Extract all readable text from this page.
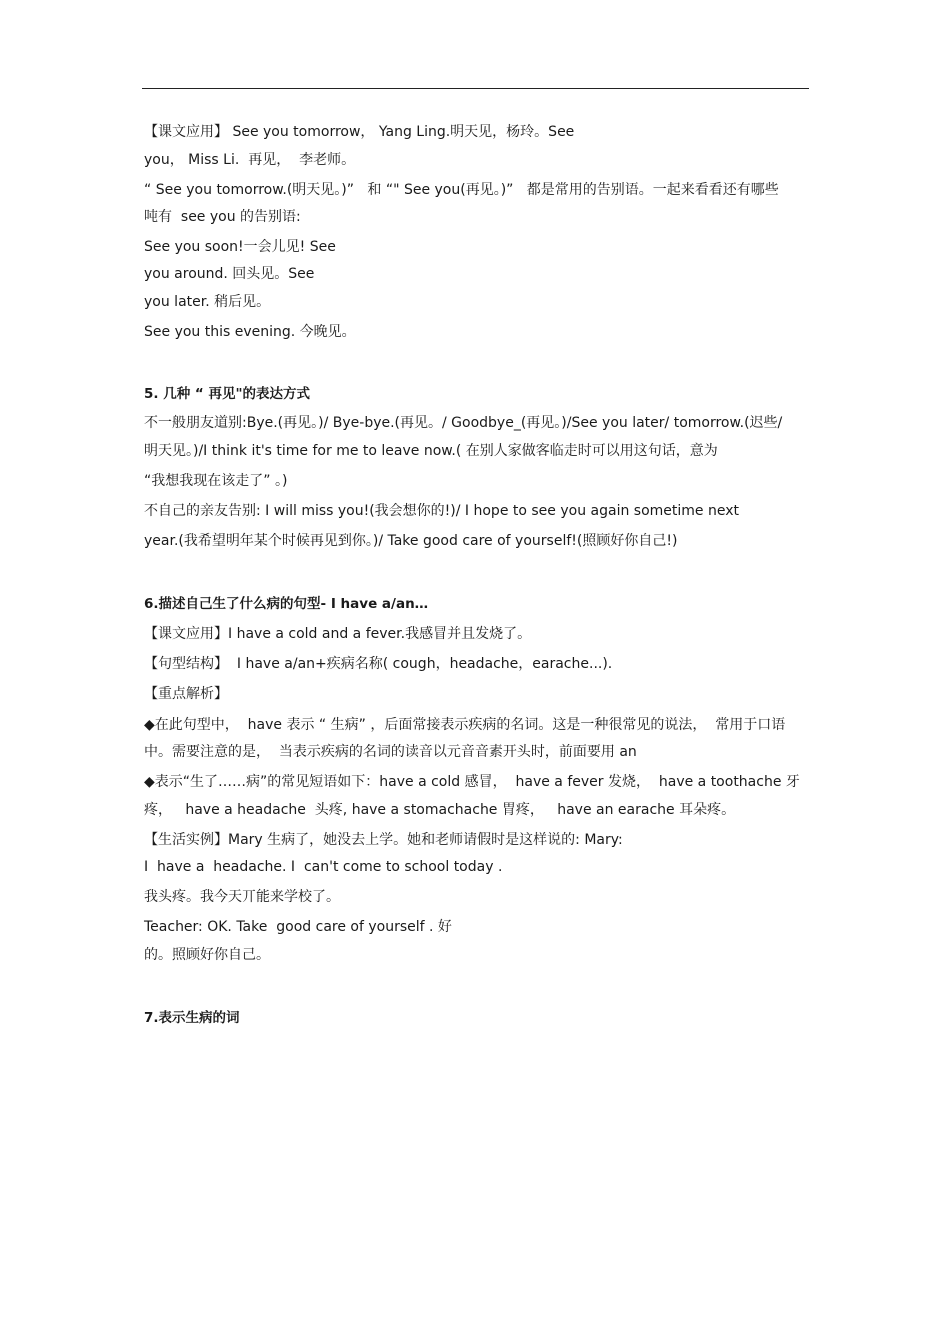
【课文应用】 See you tomorrow， Yang Ling.明天见，杨玲。See
you， Miss Li.  再见，  李老师。
“ See you tomorrow.(明天见。)”   和 “" See you(再见。)”   都是常用的告别语。一起来看看还有哪些
吨有  see you 的告别语:
See you soon!一会儿见! See
you around. 回头见。See
you later. 稍后见。
See you this evening. 今晚见。
5. 几种 “ 再见"的表达方式
不一般朋友道别:Bye.(再见。)/ Bye-bye.(再见。/ Goodbye_(再见。)/See you later/ tomorrow.(迟些/
明天见。)/I think it's time for me to leave now.( 在别人家做客临走时可以用这句话，意为
“我想我现在该走了” 。)
不自己的亲友告别: I will miss you!(我会想你的!)/ I hope to see you again sometime next
year.(我希望明年某个时候再见到你。)/ Take good care of yourself!(照顾好你自己!)
6.描述自己生了什么病的句型- I have a/an…
【课文应用】I have a cold and a fever.我感冒并且发烧了。
【句型结构】  I have a/an+疾病名称( cough，headache，earache...).
【重点解析】
◆在此句型中，  have 表示 “ 生病” ，后面常接表示疾病的名词。这是一种很常见的说法，  常用于口语
中。需要注意的是，  当表示疾病的名词的读音以元音音素开头时，前面要用 an
◆表示“生了……病”的常见短语如下：have a cold 感冒，  have a fever 发烧，  have a toothache 牙
疼，   have a headache  头疼, have a stomachache 胃疼，   have an earache 耳朵疼。
【生活实例】Mary 生病了，她没去上学。她和老师请假时是这样说的: Mary:
I  have a  headache. I  can't come to school today .
我头疼。我今天丌能来学校了。
Teacher: OK. Take  good care of yourself . 好
的。照顾好你自己。
7.表示生病的词
